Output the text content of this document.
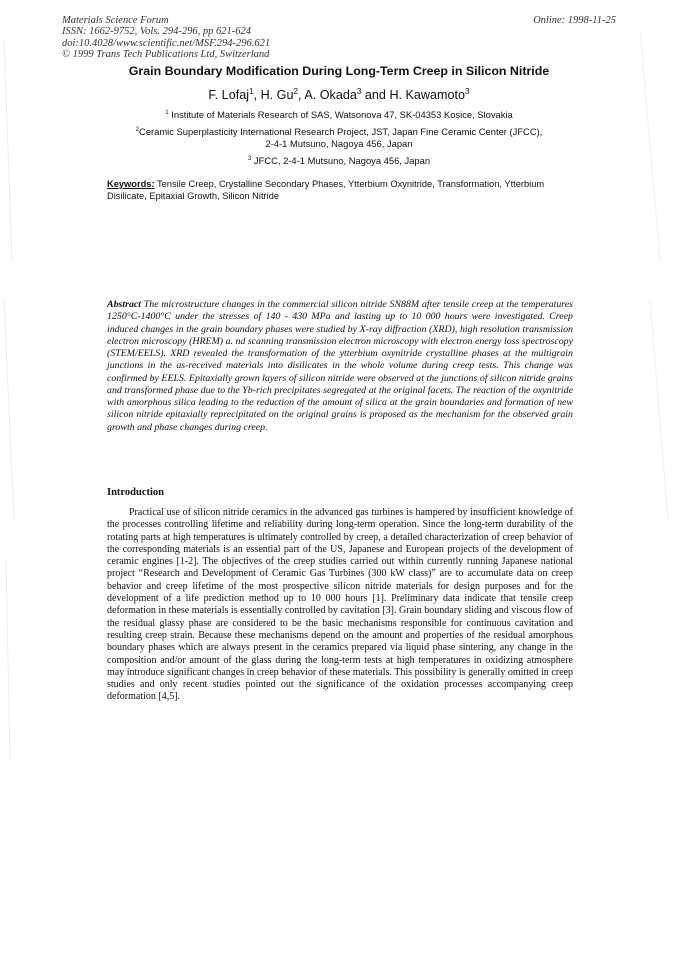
Materials Science Forum
ISSN: 1662-9752, Vols. 294-296, pp 621-624
doi:10.4028/www.scientific.net/MSF.294-296.621
© 1999 Trans Tech Publications Ltd, Switzerland
Online: 1998-11-25
Grain Boundary Modification During Long-Term Creep in Silicon Nitride
F. Lofaj$^1$, H. Gu$^2$, A. Okada$^3$ and H. Kawamoto$^3$
$^1$ Institute of Materials Research of SAS, Watsonova 47, SK-04353 Kosice, Slovakia
$^2$Ceramic Superplasticity International Research Project, JST, Japan Fine Ceramic Center (JFCC),
2-4-1 Mutsuno, Nagoya 456, Japan
$^3$ JFCC, 2-4-1 Mutsuno, Nagoya 456, Japan
Keywords: Tensile Creep, Crystalline Secondary Phases, Ytterbium Oxynitride, Transformation, Ytterbium Disilicate, Epitaxial Growth, Silicon Nitride
Abstract The microstructure changes in the commercial silicon nitride SN88M after tensile creep at the temperatures 1250°C-1400°C under the stresses of 140 - 430 MPa and lasting up to 10 000 hours were investigated. Creep induced changes in the grain boundary phases were studied by X-ray diffraction (XRD), high resolution transmission electron microscopy (HREM) a. nd scanning transmission electron microscopy with electron energy loss spectroscopy (STEM/EELS). XRD revealed the transformation of the ytterbium oxynitride crystalline phases at the multigrain junctions in the as-received materials into disilicates in the whole volume during creep tests. This change was confirmed by EELS. Epitaxially grown layers of silicon nitride were observed at the junctions of silicon nitride grains and transformed phase due to the Yb-rich precipitates segregated at the original facets. The reaction of the oxynitride with amorphous silica leading to the reduction of the amount of silica at the grain boundaries and formation of new silicon nitride epitaxially reprecipitated on the original grains is proposed as the mechanism for the observed grain growth and phase changes during creep.
Introduction

Practical use of silicon nitride ceramics in the advanced gas turbines is hampered by insufficient knowledge of the processes controlling lifetime and reliability during long-term operation. Since the long-term durability of the rotating parts at high temperatures is ultimately controlled by creep, a detailed characterization of creep behavior of the corresponding materials is an essential part of the US, Japanese and European projects of the development of ceramic engines [1-2]. The objectives of the creep studies carried out within currently running Japanese national project “Research and Development of Ceramic Gas Turbines (300 kW class)” are to accumulate data on creep behavior and creep lifetime of the most prospective silicon nitride materials for design purposes and for the development of a life prediction method up to 10 000 hours [1]. Preliminary data indicate that tensile creep deformation in these materials is essentially controlled by cavitation [3]. Grain boundary sliding and viscous flow of the residual glassy phase are considered to be the basic mechanisms responsible for continuous cavitation and resulting creep strain. Because these mechanisms depend on the amount and properties of the residual amorphous boundary phases which are always present in the ceramics prepared via liquid phase sintering, any change in the composition and/or amount of the glass during the long-term tests at high temperatures in oxidizing atmosphere may introduce significant changes in creep behavior of these materials. This possibility is generally omitted in creep studies and only recent studies pointed out the significance of the oxidation processes accompanying creep deformation [4,5].
